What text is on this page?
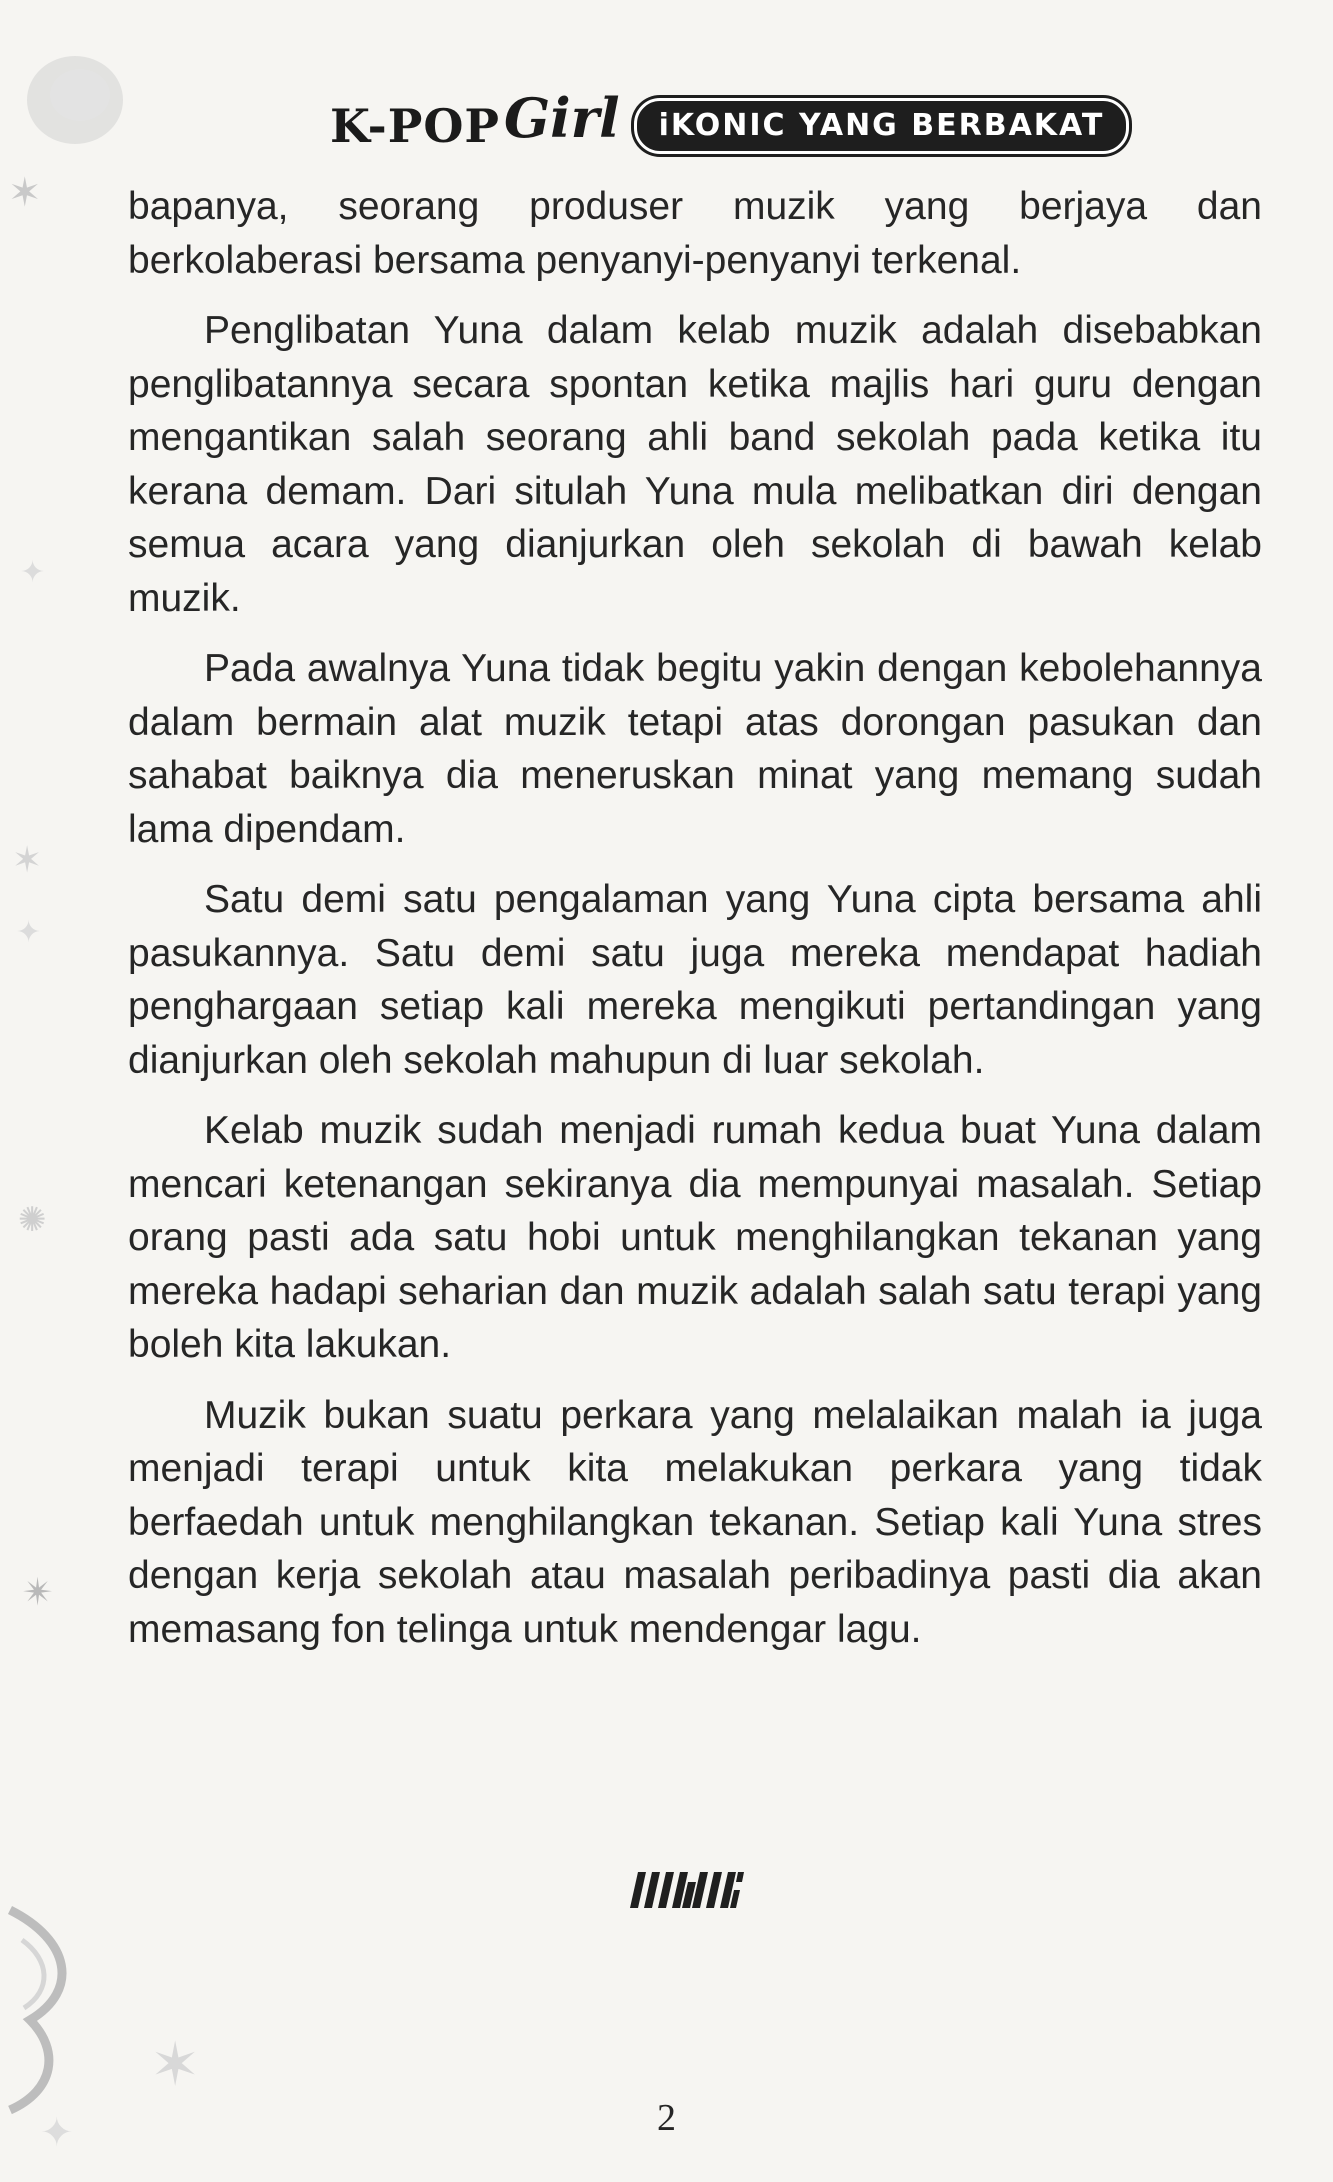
✶
✦
✶
✦
✺
✴
✶
✦
K-POP Girl	iKONIC YANG BERBAKAT

bapanya, seorang produser muzik yang berjaya dan berkolaberasi bersama penyanyi-penyanyi terkenal.

Penglibatan Yuna dalam kelab muzik adalah disebabkan penglibatannya secara spontan ketika majlis hari guru dengan mengantikan salah seorang ahli band sekolah pada ketika itu kerana demam. Dari situlah Yuna mula melibatkan diri dengan semua acara yang dianjurkan oleh sekolah di bawah kelab muzik.

Pada awalnya Yuna tidak begitu yakin dengan kebolehannya dalam bermain alat muzik tetapi atas dorongan pasukan dan sahabat baiknya dia meneruskan minat yang memang sudah lama dipendam.

Satu demi satu pengalaman yang Yuna cipta bersama ahli pasukannya. Satu demi satu juga mereka mendapat hadiah penghargaan setiap kali mereka mengikuti pertandingan yang dianjurkan oleh sekolah mahupun di luar sekolah.

Kelab muzik sudah menjadi rumah kedua buat Yuna dalam mencari ketenangan sekiranya dia mempunyai masalah. Setiap orang pasti ada satu hobi untuk menghilangkan tekanan yang mereka hadapi seharian dan muzik adalah salah satu terapi yang boleh kita lakukan.

Muzik bukan suatu perkara yang melalaikan malah ia juga menjadi terapi untuk kita melakukan perkara yang tidak berfaedah untuk menghilangkan tekanan. Setiap kali Yuna stres dengan kerja sekolah atau masalah peribadinya pasti dia akan memasang fon telinga untuk mendengar lagu.

2
